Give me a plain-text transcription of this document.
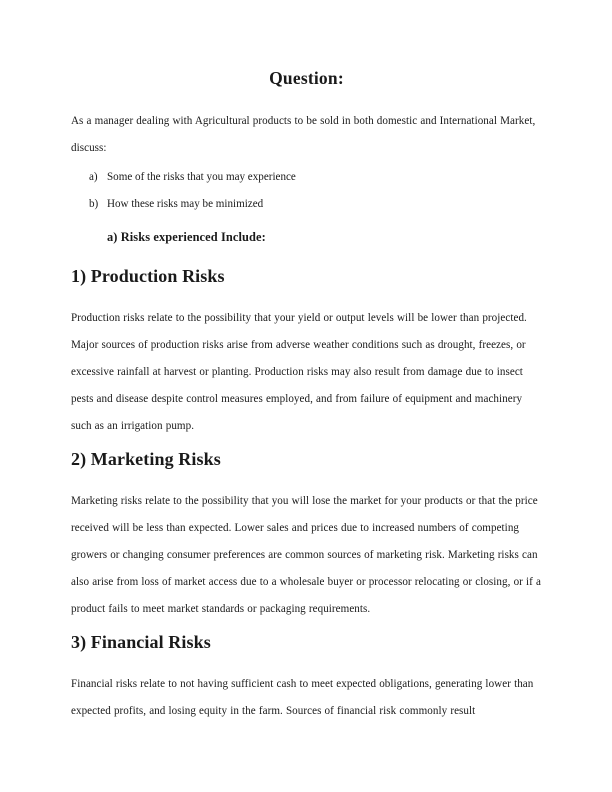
Question:

As a manager dealing with Agricultural products to be sold in both domestic and International Market, discuss:

a) Some of the risks that you may experience
b) How these risks may be minimized

a) Risks experienced Include:

1) Production Risks

Production risks relate to the possibility that your yield or output levels will be lower than projected. Major sources of production risks arise from adverse weather conditions such as drought, freezes, or excessive rainfall at harvest or planting. Production risks may also result from damage due to insect pests and disease despite control measures employed, and from failure of equipment and machinery such as an irrigation pump.

2) Marketing Risks

Marketing risks relate to the possibility that you will lose the market for your products or that the price received will be less than expected. Lower sales and prices due to increased numbers of competing growers or changing consumer preferences are common sources of marketing risk. Marketing risks can also arise from loss of market access due to a wholesale buyer or processor relocating or closing, or if a product fails to meet market standards or packaging requirements.

3) Financial Risks

Financial risks relate to not having sufficient cash to meet expected obligations, generating lower than expected profits, and losing equity in the farm. Sources of financial risk commonly result
